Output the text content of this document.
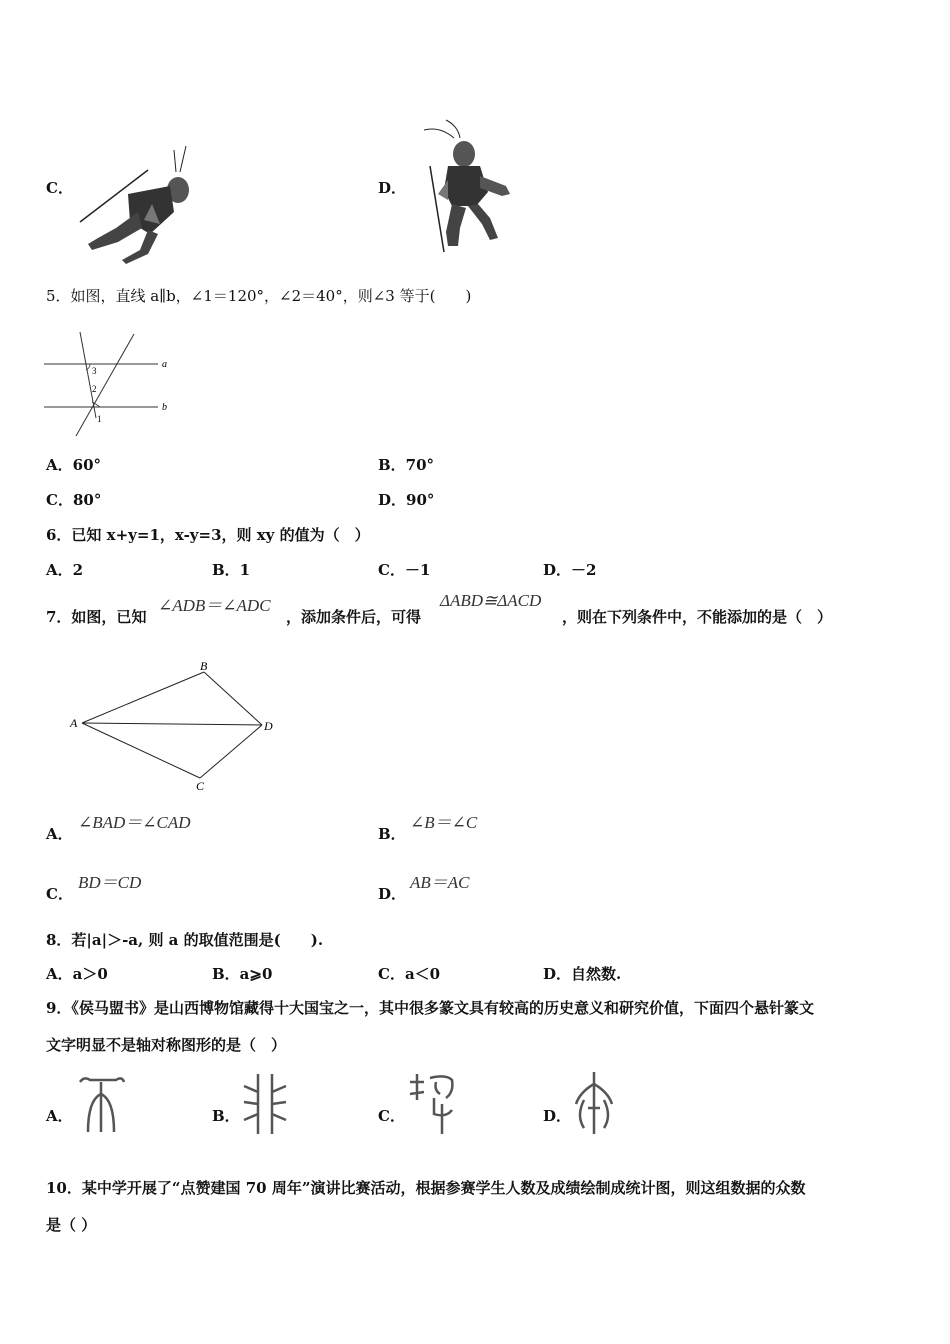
C．	D．
5．如图，直线 a∥b，∠1＝120°，∠2＝40°，则∠3 等于(　　)
a
b
3
2
1
A．60°	B．70°
C．80°	D．90°
6．已知 x+y=1，x-y=3，则 xy 的值为（　）
A．2	B．1	C．－1	D．－2
7．如图，已知
∠ADB＝∠ADC
，添加条件后，可得
ΔABD≅ΔACD
，则在下列条件中，不能添加的是（　）
A
B
D
C
A．
∠BAD＝∠CAD
B．
∠B＝∠C
C．
BD＝CD
D．
AB＝AC
8．若|a|＞-a, 则 a 的取值范围是(　　).
A．a＞0	B．a⩾0	C．a＜0	D．自然数.
9．《侯马盟书》是山西博物馆藏得十大国宝之一，其中很多篆文具有较高的历史意义和研究价值，下面四个悬针篆文
文字明显不是轴对称图形的是（　）
A．	B．	C．	D．
10．某中学开展了“点赞建国 70 周年”演讲比赛活动，根据参赛学生人数及成绩绘制成统计图，则这组数据的众数
是（ ）
